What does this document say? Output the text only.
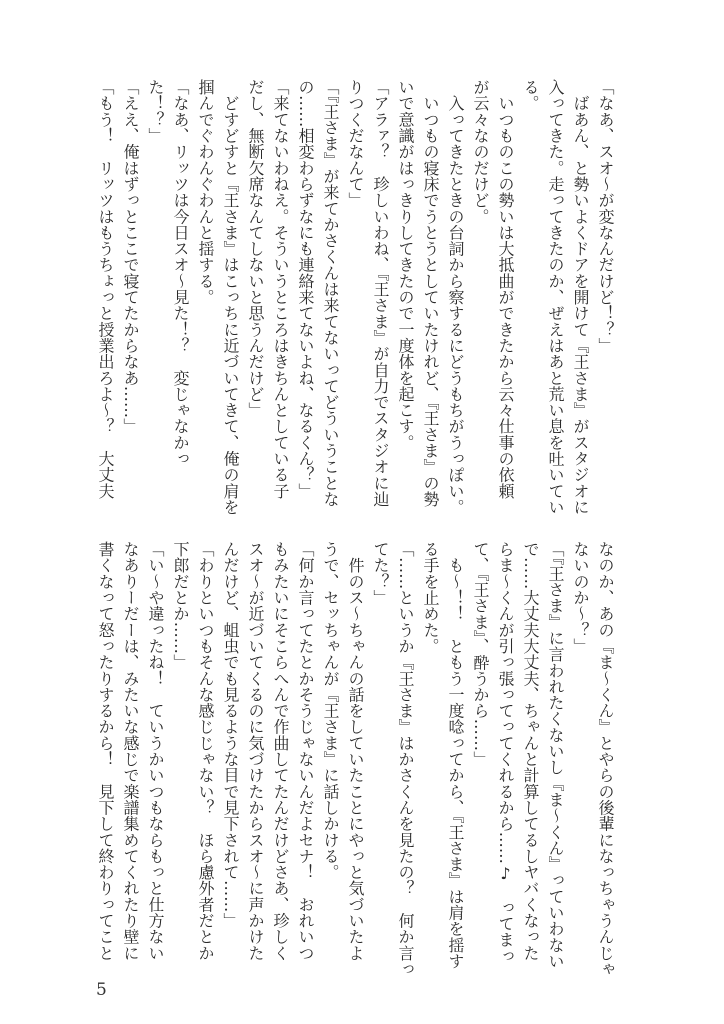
「なあ、スオ〜が変なんだけど！？」
　ばあん、と勢いよくドアを開けて『王さま』がスタジオに
入ってきた。走ってきたのか、ぜえはあと荒い息を吐いてい
る。
　いつものこの勢いは大抵曲ができたから云々仕事の依頼
が云々なのだけど。
　入ってきたときの台詞から察するにどうもちがうっぽい。
　いつもの寝床でうとうとしていたけれど、『王さま』の勢
いで意識がはっきりしてきたので一度体を起こす。
「アラァ？　珍しいわね、『王さま』が自力でスタジオに辿
りつくだなんて」
「『王さま』が来てかさくんは来てないってどういうことな
の……相変わらずなにも連絡来てないよね、なるくん？」
「来てないわねえ。そういうところはきちんとしている子
だし、無断欠席なんてしないと思うんだけど」
　どすどすと『王さま』はこっちに近づいてきて、俺の肩を
掴んでぐわんぐわんと揺する。
「なあ、リッツは今日スオ〜見た！？　変じゃなかっ
た！？」
「ええ、俺はずっとここで寝てたからなあ……」
「もう！　リッツはもうちょっと授業出ろよ〜？　大丈夫
なのか、あの『ま〜くん』とやらの後輩になっちゃうんじゃ
ないのか〜？」
「『王さま』に言われたくないし『ま〜くん』っていわない
で……大丈夫大丈夫、ちゃんと計算してるしヤバくなった
らま〜くんが引っ張ってってくれるから……♪　ってまっ
て、『王さま』、酔うから……」
　も〜！！　ともう一度唸ってから、『王さま』は肩を揺す
る手を止めた。
「……というか『王さま』はかさくんを見たの？　何か言っ
てた？」
　件のス〜ちゃんの話をしていたことにやっと気づいたよ
うで、セッちゃんが『王さま』に話しかける。
「何か言ってたとかそうじゃないんだよセナ！　おれいつ
もみたいにそこらへんで作曲してたんだけどさあ、珍しく
スオ〜が近づいてくるのに気づけたからスオ〜に声かけた
んだけど、蛆虫でも見るような目で見下されて……」
「わりといつもそんな感じじゃない？　ほら慮外者だとか
下郎だとか……」
「い〜や違ったね！　ていうかいつもならもっと仕方ない
なありーだーは、みたいな感じで楽譜集めてくれたり壁に
書くなって怒ったりするから！　見下して終わりってこと
5
